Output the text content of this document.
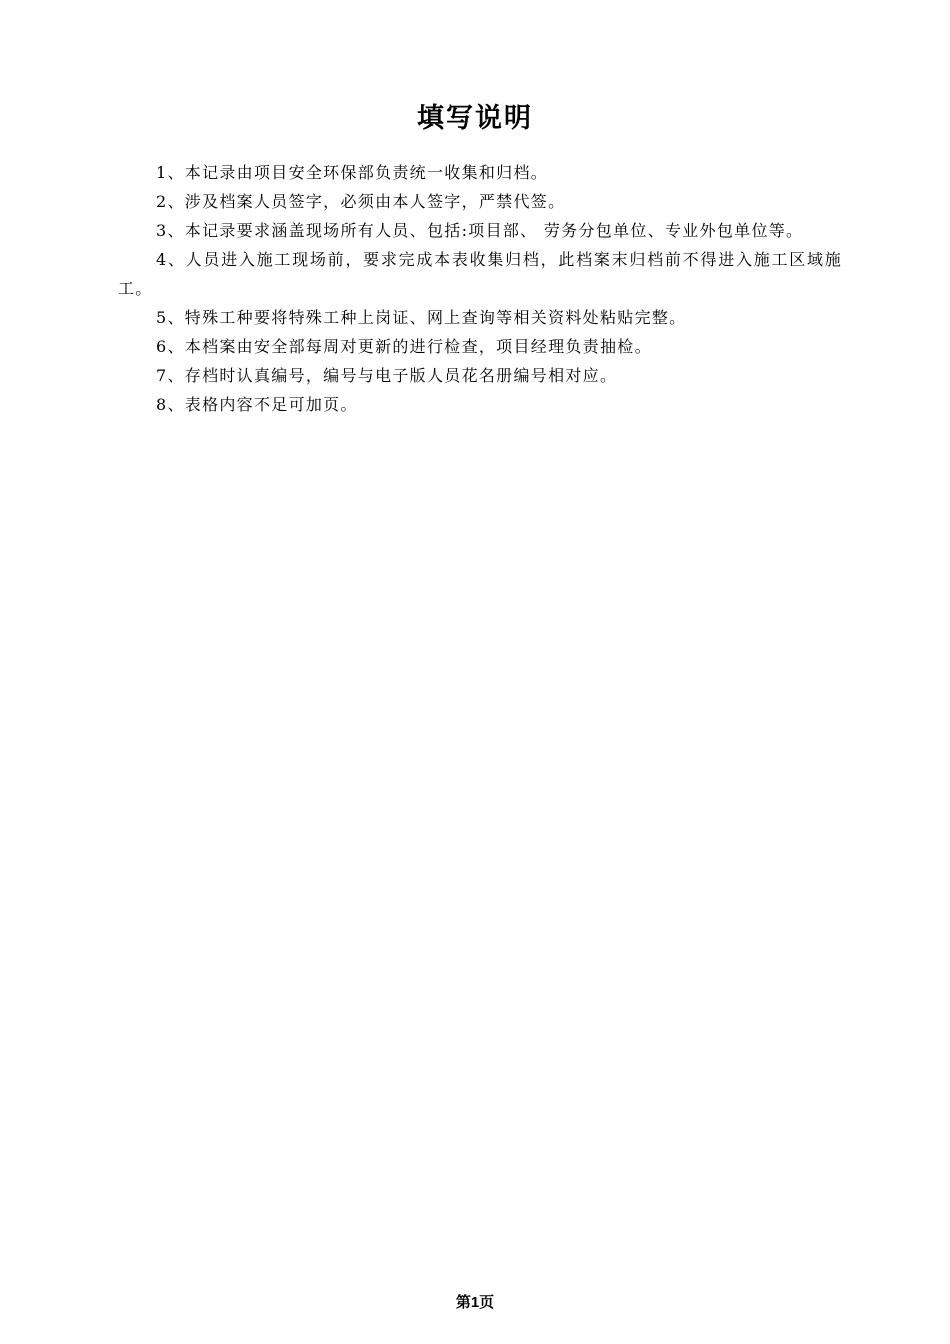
填写说明
1、本记录由项目安全环保部负责统一收集和归档。
2、涉及档案人员签字，必须由本人签字，严禁代签。
3、本记录要求涵盖现场所有人员、包括:项目部、 劳务分包单位、专业外包单位等。
4、人员进入施工现场前，要求完成本表收集归档，此档案末归档前不得进入施工区域施工。
5、特殊工种要将特殊工种上岗证、网上查询等相关资料处粘贴完整。
6、本档案由安全部每周对更新的进行检查，项目经理负责抽检。
7、存档时认真编号，编号与电子版人员花名册编号相对应。
8、表格内容不足可加页。
第1页
